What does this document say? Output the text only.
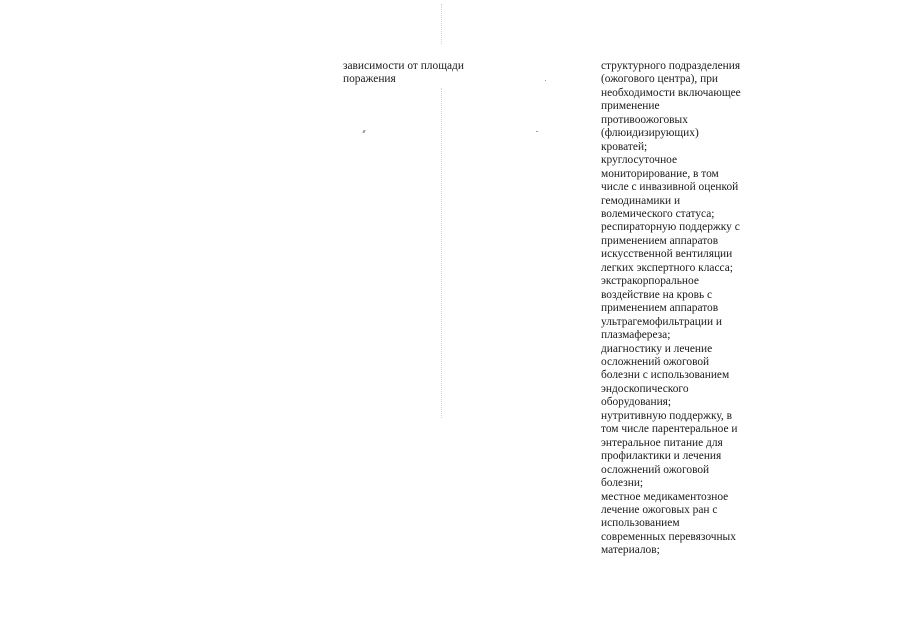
зависимости от площади
поражения
структурного подразделения
(ожогового центра), при
необходимости включающее
применение
противоожоговых
(флюидизирующих)
кроватей;
круглосуточное
мониторирование, в том
числе с инвазивной оценкой
гемодинамики и
волемического статуса;
респираторную поддержку с
применением аппаратов
искусственной вентиляции
легких экспертного класса;
экстракорпоральное
воздействие на кровь с
применением аппаратов
ультрагемофильтрации и
плазмафереза;
диагностику и лечение
осложнений ожоговой
болезни с использованием
эндоскопического
оборудования;
нутритивную поддержку, в
том числе парентеральное и
энтеральное питание для
профилактики и лечения
осложнений ожоговой
болезни;
местное медикаментозное
лечение ожоговых ран с
использованием
современных перевязочных
материалов;
